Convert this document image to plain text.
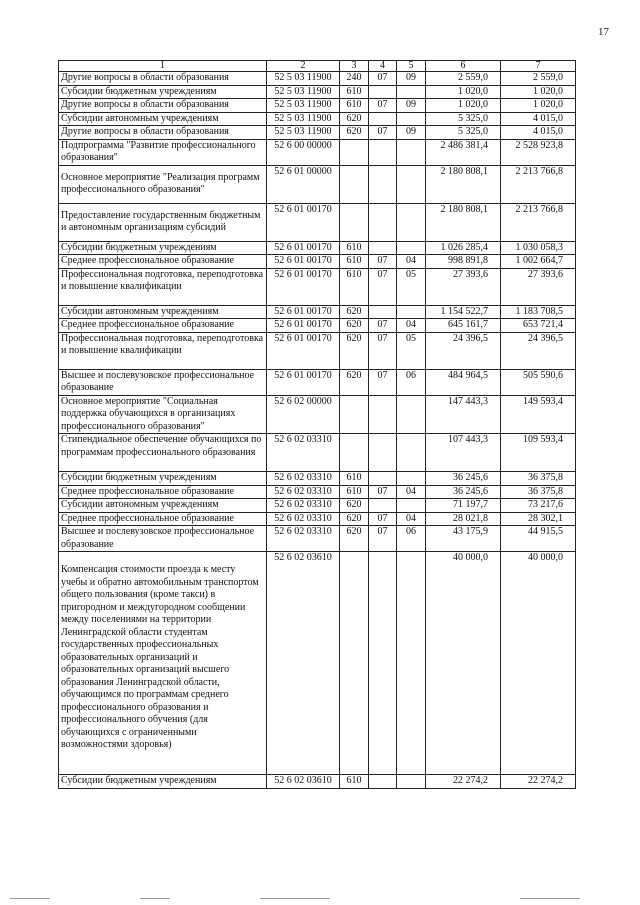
17
1	2	3	4	5	6	7
Другие вопросы в области образования	52 5 03 11900	240	07	09	2 559,0	2 559,0
Субсидии бюджетным учреждениям	52 5 03 11900	610			1 020,0	1 020,0
Другие вопросы в области образования	52 5 03 11900	610	07	09	1 020,0	1 020,0
Субсидии автономным учреждениям	52 5 03 11900	620			5 325,0	4 015,0
Другие вопросы в области образования	52 5 03 11900	620	07	09	5 325,0	4 015,0
Подпрограмма "Развитие профессионального образования"	52 6 00 00000				2 486 381,4	2 528 923,8
Основное мероприятие "Реализация программ профессионального образования"	52 6 01 00000				2 180 808,1	2 213 766,8
Предоставление государственным бюджетным и автономным организациям субсидий	52 6 01 00170				2 180 808,1	2 213 766,8
Субсидии бюджетным учреждениям	52 6 01 00170	610			1 026 285,4	1 030 058,3
Среднее профессиональное образование	52 6 01 00170	610	07	04	998 891,8	1 002 664,7
Профессиональная подготовка, переподготовка и повышение квалификации	52 6 01 00170	610	07	05	27 393,6	27 393,6
Субсидии автономным учреждениям	52 6 01 00170	620			1 154 522,7	1 183 708,5
Среднее профессиональное образование	52 6 01 00170	620	07	04	645 161,7	653 721,4
Профессиональная подготовка, переподготовка и повышение квалификации	52 6 01 00170	620	07	05	24 396,5	24 396,5
Высшее и послевузовское профессиональное образование	52 6 01 00170	620	07	06	484 964,5	505 590,6
Основное мероприятие "Социальная поддержка обучающихся в организациях профессионального образования"	52 6 02 00000				147 443,3	149 593,4
Стипендиальное обеспечение обучающихся по программам профессионального образования	52 6 02 03310				107 443,3	109 593,4
Субсидии бюджетным учреждениям	52 6 02 03310	610			36 245,6	36 375,8
Среднее профессиональное образование	52 6 02 03310	610	07	04	36 245,6	36 375,8
Субсидии автономным учреждениям	52 6 02 03310	620			71 197,7	73 217,6
Среднее профессиональное образование	52 6 02 03310	620	07	04	28 021,8	28 302,1
Высшее и послевузовское профессиональное образование	52 6 02 03310	620	07	06	43 175,9	44 915,5
Компенсация стоимости проезда к месту учебы и обратно автомобильным транспортом общего пользования (кроме такси) в пригородном и междугородном сообщении между поселениями на территории Ленинградской области студентам государственных профессиональных образовательных организаций и образовательных организаций высшего образования Ленинградской области, обучающимся по программам среднего профессионального образования и профессионального обучения (для обучающихся с ограниченными возможностями здоровья)	52 6 02 03610				40 000,0	40 000,0
Субсидии бюджетным учреждениям	52 6 02 03610	610			22 274,2	22 274,2
